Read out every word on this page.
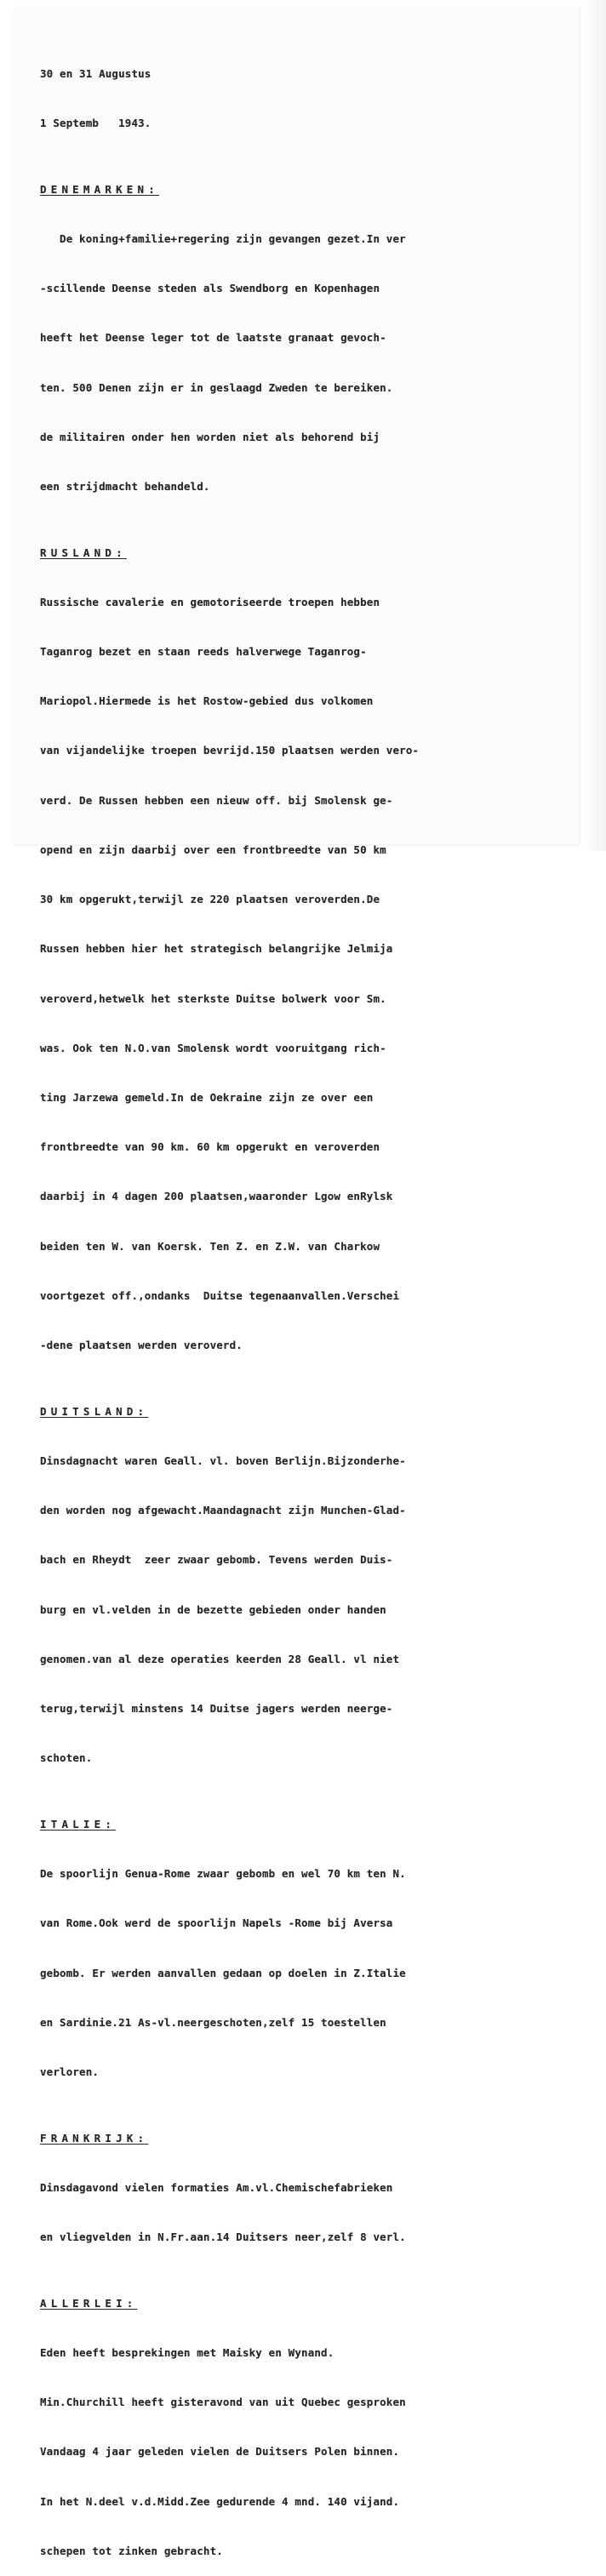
30 en 31 Augustus

1 Septemb   1943.

DENEMARKEN:

De koning+familie+regering zijn gevangen gezet.In ver

-scillende Deense steden als Swendborg en Kopenhagen

heeft het Deense leger tot de laatste granaat gevoch-

ten. 500 Denen zijn er in geslaagd Zweden te bereiken.

de militairen onder hen worden niet als behorend bij

een strijdmacht behandeld.

RUSLAND:

Russische cavalerie en gemotoriseerde troepen hebben

Taganrog bezet en staan reeds halverwege Taganrog-

Mariopol.Hiermede is het Rostow-gebied dus volkomen

van vijandelijke troepen bevrijd.150 plaatsen werden vero-

verd. De Russen hebben een nieuw off. bij Smolensk ge-

opend en zijn daarbij over een frontbreedte van 50 km

30 km opgerukt,terwijl ze 220 plaatsen veroverden.De

Russen hebben hier het strategisch belangrijke Jelmija

veroverd,hetwelk het sterkste Duitse bolwerk voor Sm.

was. Ook ten N.O.van Smolensk wordt vooruitgang rich-

ting Jarzewa gemeld.In de Oekraine zijn ze over een

frontbreedte van 90 km. 60 km opgerukt en veroverden

daarbij in 4 dagen 200 plaatsen,waaronder Lgow enRylsk

beiden ten W. van Koersk. Ten Z. en Z.W. van Charkow

voortgezet off.,ondanks  Duitse tegenaanvallen.Verschei

-dene plaatsen werden veroverd.

DUITSLAND:

Dinsdagnacht waren Geall. vl. boven Berlijn.Bijzonderhe-

den worden nog afgewacht.Maandagnacht zijn Munchen-Glad-

bach en Rheydt  zeer zwaar gebomb. Tevens werden Duis-

burg en vl.velden in de bezette gebieden onder handen

genomen.van al deze operaties keerden 28 Geall. vl niet

terug,terwijl minstens 14 Duitse jagers werden neerge-

schoten.

ITALIE:

De spoorlijn Genua-Rome zwaar gebomb en wel 70 km ten N.

van Rome.Ook werd de spoorlijn Napels -Rome bij Aversa

gebomb. Er werden aanvallen gedaan op doelen in Z.Italie

en Sardinie.21 As-vl.neergeschoten,zelf 15 toestellen

verloren.

FRANKRIJK:

Dinsdagavond vielen formaties Am.vl.Chemischefabrieken

en vliegvelden in N.Fr.aan.14 Duitsers neer,zelf 8 verl.

ALLERLEI:

Eden heeft besprekingen met Maisky en Wynand.

Min.Churchill heeft gisteravond van uit Quebec gesproken

Vandaag 4 jaar geleden vielen de Duitsers Polen binnen.

In het N.deel v.d.Midd.Zee gedurende 4 mnd. 140 vijand.

schepen tot zinken gebracht.
